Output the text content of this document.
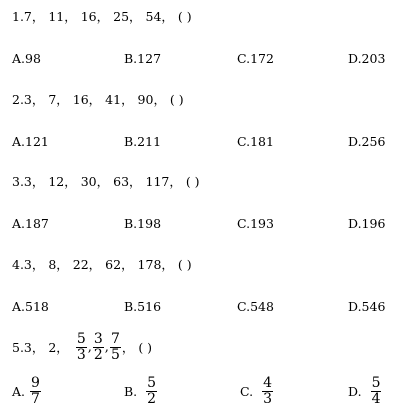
1.7， 11， 16， 25， 54， ( )
A.98	B.127	C.172	D.203
2.3， 7， 16， 41， 90， ( )
A.121	B.211	C.181	D.256
3.3， 12， 30， 63， 117， ( )
A.187	B.198	C.193	D.196
4.3， 8， 22， 62， 178， ( )
A.518	B.516	C.548	D.546
5.3， 2， $\frac{5}{3}$ , $\frac{3}{2}$ , $\frac{7}{5}$ ， ( )
A. $\frac{9}{7}$	B. $\frac{5}{2}$	C. $\frac{4}{3}$	D. $\frac{5}{4}$
